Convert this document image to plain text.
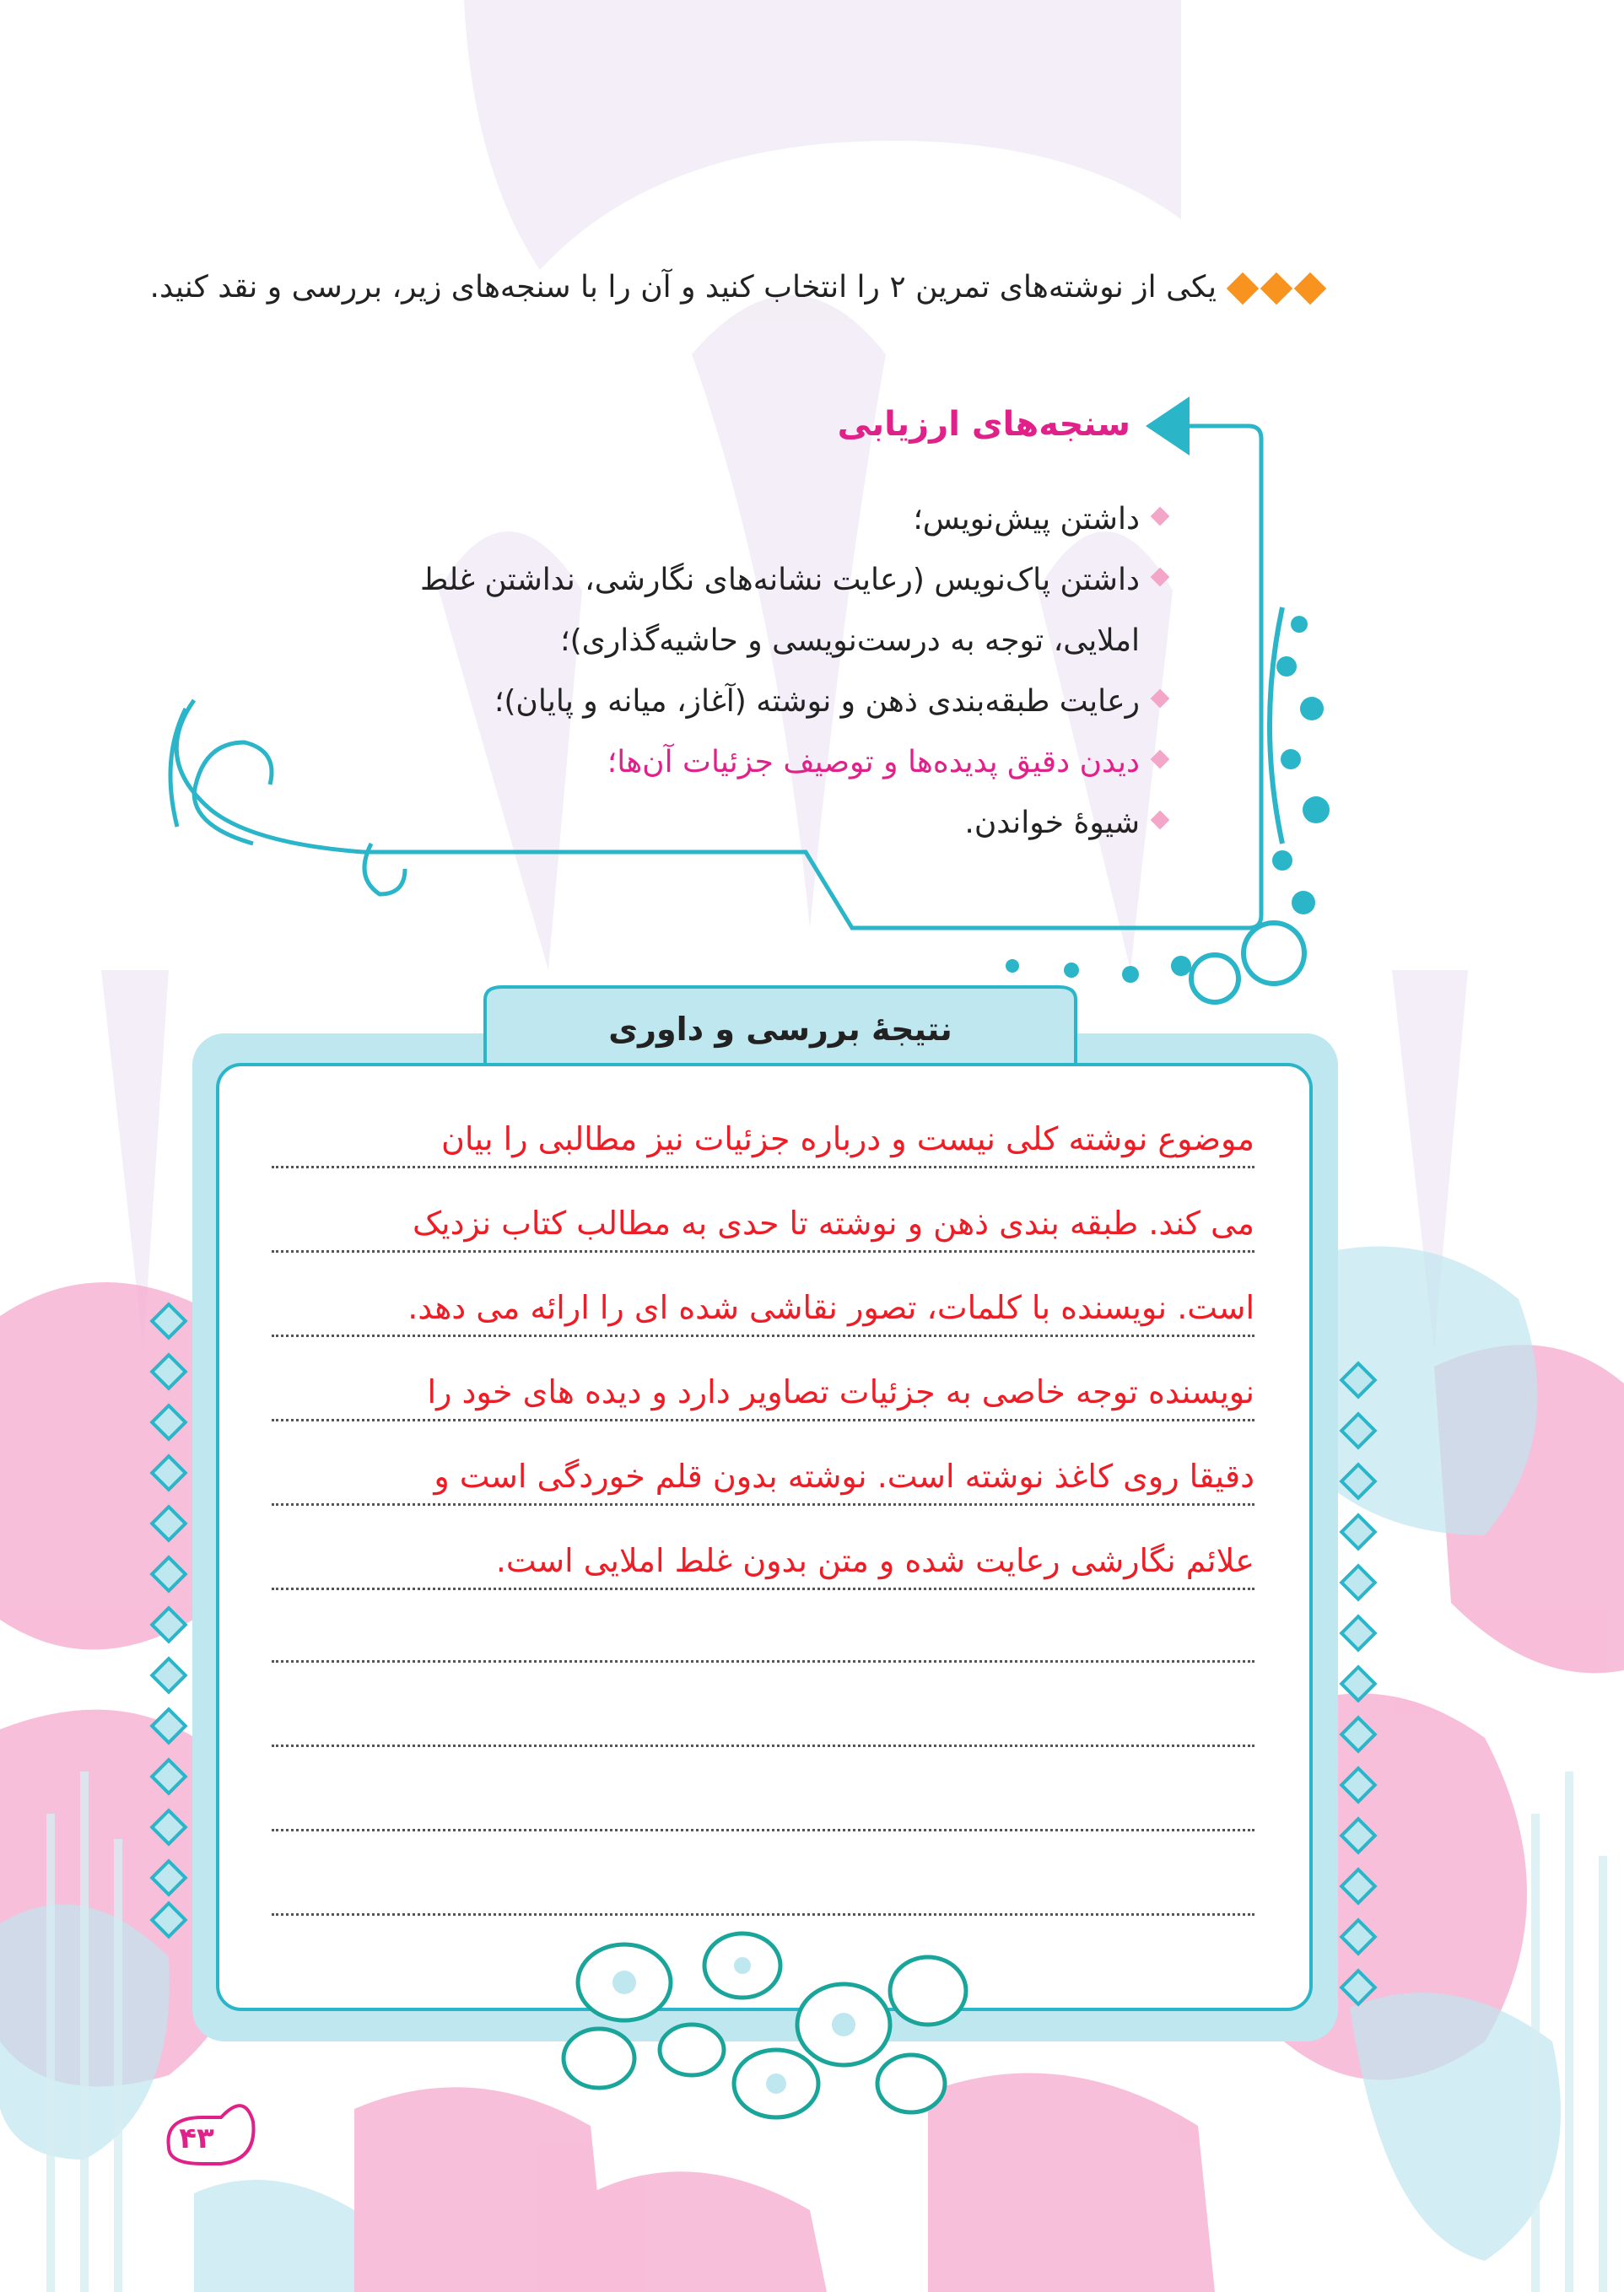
یکی از نوشته‌های تمرین ۲ را انتخاب کنید و آن را با سنجه‌های زیر، بررسی و نقد کنید.
سنجه‌های ارزیابی
داشتن پیش‌نویس؛
داشتن پاک‌نویس (رعایت نشانه‌های نگارشی، نداشتن غلط املایی، توجه به درست‌نویسی و حاشیه‌گذاری)؛
رعایت طبقه‌بندی ذهن و نوشته (آغاز، میانه و پایان)؛
دیدن دقیق پدیده‌ها و توصیف جزئیات آن‌ها؛
شیوهٔ خواندن.
نتیجهٔ بررسی و داوری
موضوع نوشته کلی نیست و درباره جزئیات نیز مطالبی را بیان
می کند. طبقه بندی ذهن و نوشته تا حدی به مطالب کتاب نزدیک
است. نویسنده با کلمات، تصور نقاشی شده ای را ارائه می دهد.
نویسنده توجه خاصی به جزئیات تصاویر دارد و دیده های خود را
دقیقا روی کاغذ نوشته است. نوشته بدون قلم خوردگی است و
علائم نگارشی رعایت شده و متن بدون غلط املایی است.
۴۳
